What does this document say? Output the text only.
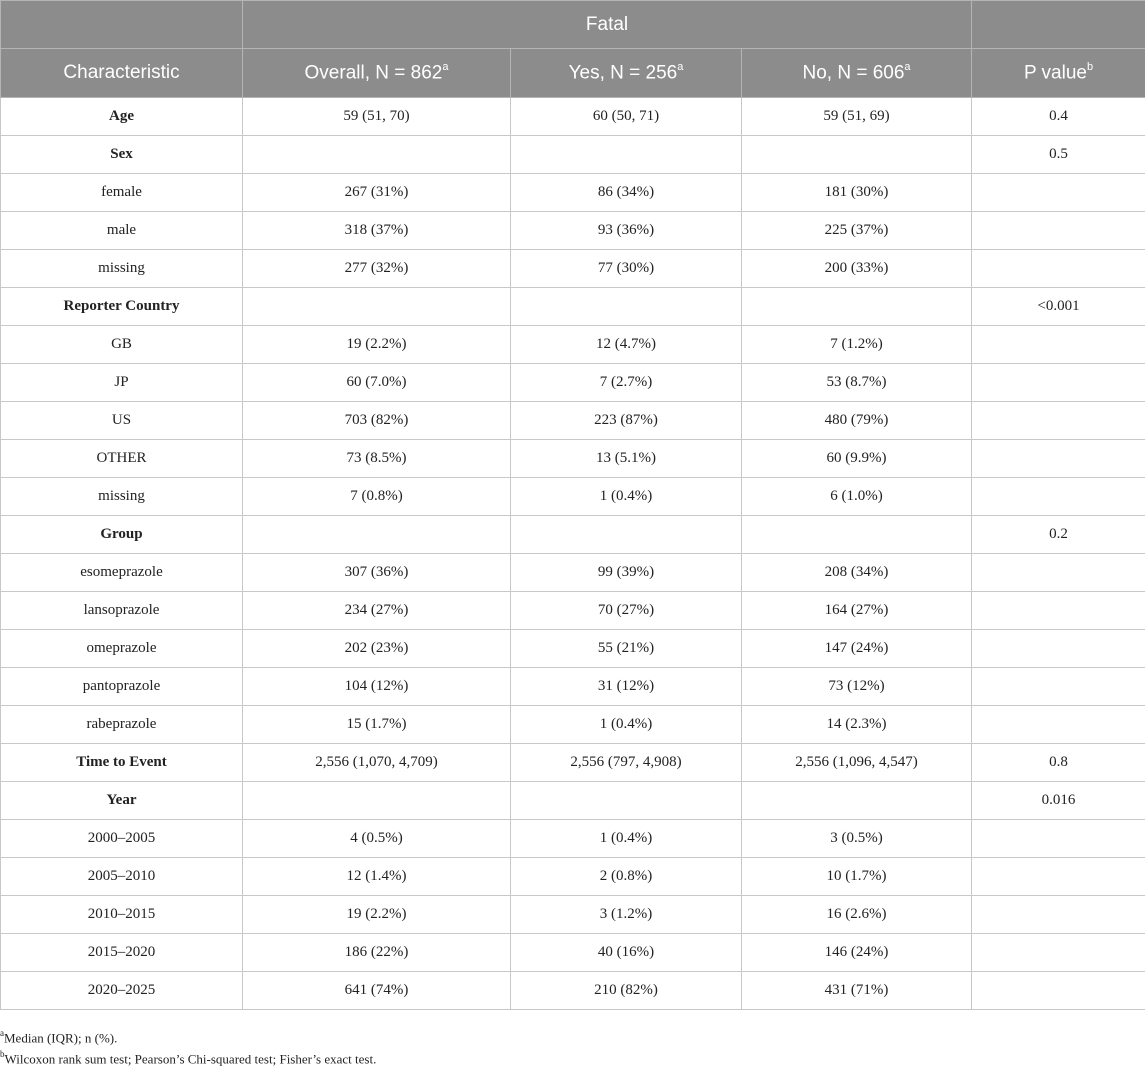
	Fatal			
Characteristic	Overall, $N = 862^a$	Yes, $N = 256^a$	No, $N = 606^a$	P value$^b$
Age	59 (51, 70)	60 (50, 71)	59 (51, 69)	0.4
Sex				0.5
female	267 (31%)	86 (34%)	181 (30%)	
male	318 (37%)	93 (36%)	225 (37%)	
missing	277 (32%)	77 (30%)	200 (33%)	
Reporter Country				<0.001
GB	19 (2.2%)	12 (4.7%)	7 (1.2%)	
JP	60 (7.0%)	7 (2.7%)	53 (8.7%)	
US	703 (82%)	223 (87%)	480 (79%)	
OTHER	73 (8.5%)	13 (5.1%)	60 (9.9%)	
missing	7 (0.8%)	1 (0.4%)	6 (1.0%)	
Group				0.2
esomeprazole	307 (36%)	99 (39%)	208 (34%)	
lansoprazole	234 (27%)	70 (27%)	164 (27%)	
omeprazole	202 (23%)	55 (21%)	147 (24%)	
pantoprazole	104 (12%)	31 (12%)	73 (12%)	
rabeprazole	15 (1.7%)	1 (0.4%)	14 (2.3%)	
Time to Event	2,556 (1,070, 4,709)	2,556 (797, 4,908)	2,556 (1,096, 4,547)	0.8
Year				0.016
2000–2005	4 (0.5%)	1 (0.4%)	3 (0.5%)	
2005–2010	12 (1.4%)	2 (0.8%)	10 (1.7%)	
2010–2015	19 (2.2%)	3 (1.2%)	16 (2.6%)	
2015–2020	186 (22%)	40 (16%)	146 (24%)	
2020–2025	641 (74%)	210 (82%)	431 (71%)	
$^a$Median (IQR); n (%).
$^b$Wilcoxon rank sum test; Pearson’s Chi-squared test; Fisher’s exact test.
